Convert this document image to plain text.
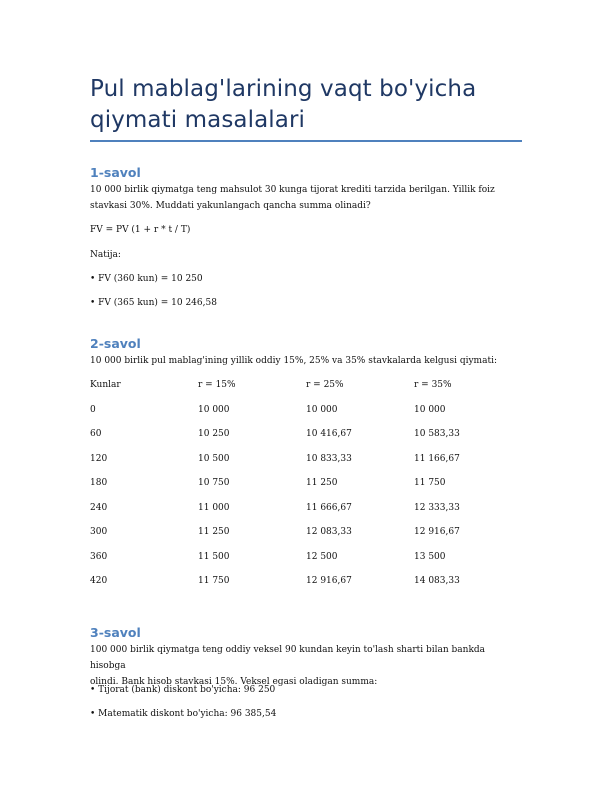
Pul mablag'larining vaqt bo'yicha
qiymati masalalari
1-savol
10 000 birlik qiymatga teng mahsulot 30 kunga tijorat krediti tarzida berilgan. Yillik foiz
stavkasi 30%. Muddati yakunlangach qancha summa olinadi?
FV = PV (1 + r * t / T)
Natija:
• FV (360 kun) = 10 250
• FV (365 kun) = 10 246,58
2-savol
10 000 birlik pul mablag'ining yillik oddiy 15%, 25% va 35% stavkalarda kelgusi qiymati:
Kunlar	r = 15%	r = 25%	r = 35%
0	10 000	10 000	10 000
60	10 250	10 416,67	10 583,33
120	10 500	10 833,33	11 166,67
180	10 750	11 250	11 750
240	11 000	11 666,67	12 333,33
300	11 250	12 083,33	12 916,67
360	11 500	12 500	13 500
420	11 750	12 916,67	14 083,33
3-savol
100 000 birlik qiymatga teng oddiy veksel 90 kundan keyin to'lash sharti bilan bankda hisobga
olindi. Bank hisob stavkasi 15%. Veksel egasi oladigan summa:
• Tijorat (bank) diskont bo'yicha: 96 250
• Matematik diskont bo'yicha: 96 385,54
